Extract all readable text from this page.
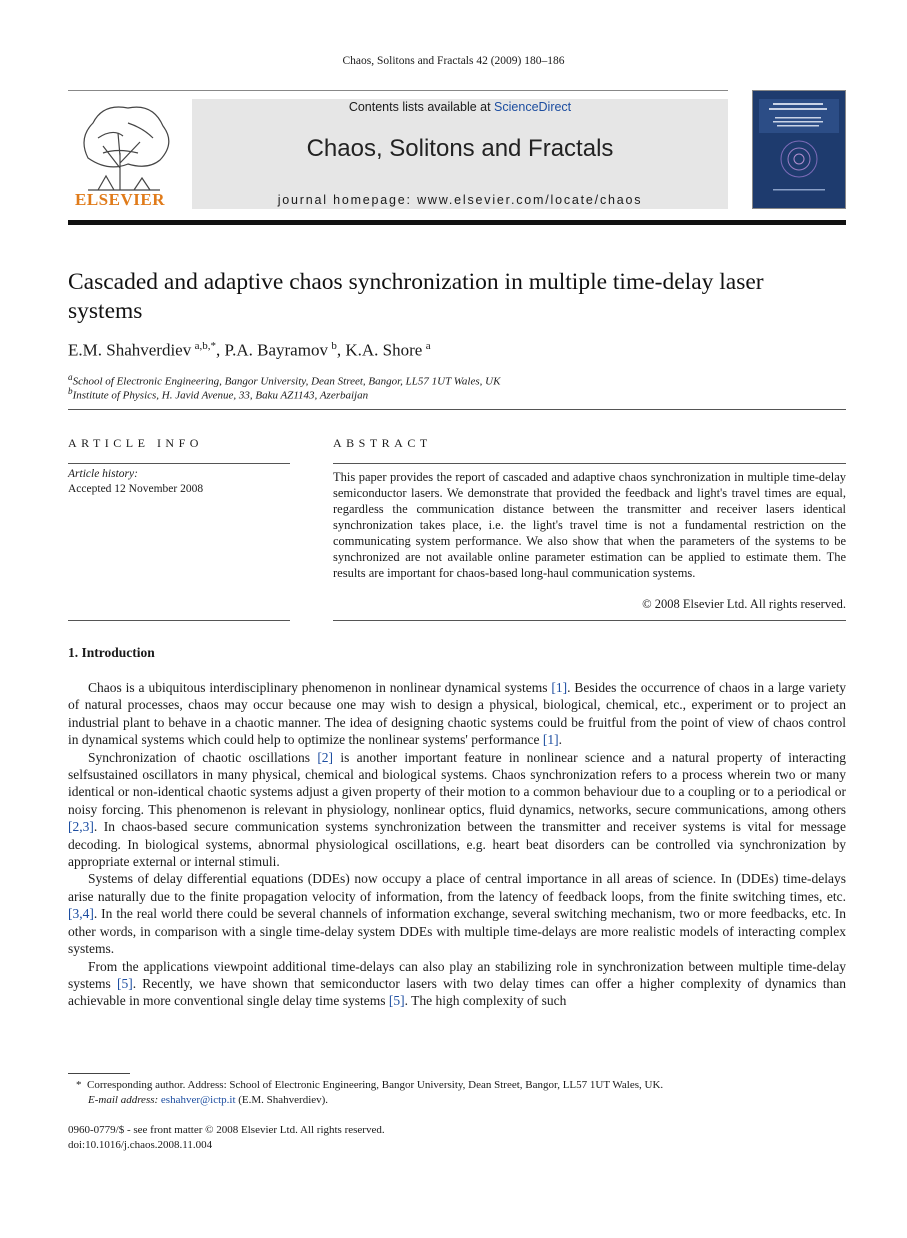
Chaos, Solitons and Fractals 42 (2009) 180–186
ELSEVIER
Contents lists available at ScienceDirect
Chaos, Solitons and Fractals
journal homepage: www.elsevier.com/locate/chaos
Cascaded and adaptive chaos synchronization in multiple time-delay laser systems
E.M. Shahverdiev  $^{a,b,*}$, P.A. Bayramov  $^b$, K.A. Shore  $^a$
$^a$School of Electronic Engineering, Bangor University, Dean Street, Bangor, LL57 1UT Wales, UK
$^b$Institute of Physics, H. Javid Avenue, 33, Baku AZ1143, Azerbaijan
ARTICLE INFO
Article history:
Accepted 12 November 2008
ABSTRACT
This paper provides the report of cascaded and adaptive chaos synchronization in multiple time-delay semiconductor lasers. We demonstrate that provided the feedback and light's travel times are equal, regardless the communication distance between the transmitter and receiver lasers identical synchronization takes place, i.e. the light's travel time is not a fundamental restriction on the communicating system performance. We also show that when the parameters of the systems to be synchronized are not available online parameter estimation can be applied to estimate them. The results are important for chaos-based long-haul communication systems.
© 2008 Elsevier Ltd. All rights reserved.
1. Introduction

Chaos is a ubiquitous interdisciplinary phenomenon in nonlinear dynamical systems [1]. Besides the occurrence of chaos in a large variety of natural processes, chaos may occur because one may wish to design a physical, biological, chemical, etc., experiment or to project an industrial plant to behave in a chaotic manner. The idea of designing chaotic systems could be fruitful from the point of view of chaos control in dynamical systems which could help to optimize the nonlinear systems' performance [1].

Synchronization of chaotic oscillations [2] is another important feature in nonlinear science and a natural property of interacting selfsustained oscillators in many physical, chemical and biological systems. Chaos synchronization refers to a process wherein two or many identical or non-identical chaotic systems adjust a given property of their motion to a common behaviour due to a coupling or to a periodical or noisy forcing. This phenomenon is relevant in physiology, nonlinear optics, fluid dynamics, networks, secure communications, among others [2,3]. In chaos-based secure communication systems synchronization between the transmitter and receiver systems is vital for message decoding. In biological systems, abnormal physiological oscillations, e.g. heart beat disorders can be controlled via synchronization by appropriate external or internal stimuli.

Systems of delay differential equations (DDEs) now occupy a place of central importance in all areas of science. In (DDEs) time-delays arise naturally due to the finite propagation velocity of information, from the latency of feedback loops, from the finite switching times, etc. [3,4]. In the real world there could be several channels of information exchange, several switching mechanism, two or more feedbacks, etc. In other words, in comparison with a single time-delay system DDEs with multiple time-delays are more realistic models of interacting complex systems.

From the applications viewpoint additional time-delays can also play an stabilizing role in synchronization between multiple time-delay systems [5]. Recently, we have shown that semiconductor lasers with two delay times can offer a higher complexity of dynamics than achievable in more conventional single delay time systems [5]. The high complexity of such

* Corresponding author. Address: School of Electronic Engineering, Bangor University, Dean Street, Bangor, LL57 1UT Wales, UK.
E-mail address: eshahver@ictp.it (E.M. Shahverdiev).
0960-0779/$ - see front matter © 2008 Elsevier Ltd. All rights reserved.
doi:10.1016/j.chaos.2008.11.004
